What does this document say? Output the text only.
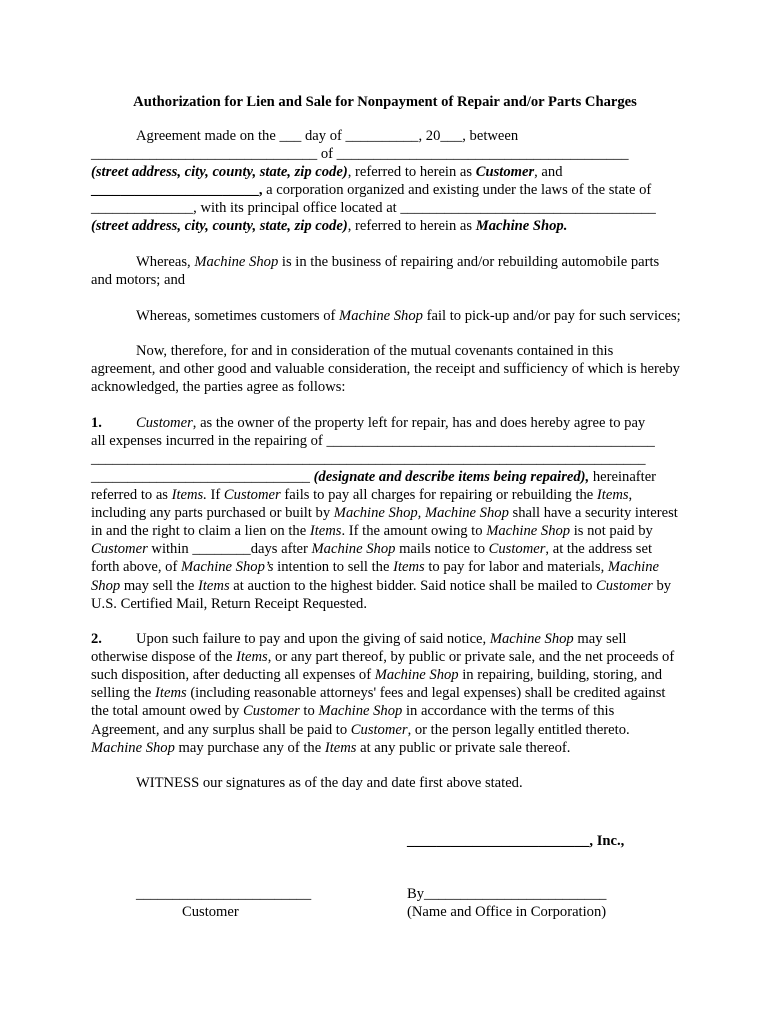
Authorization for Lien and Sale for Nonpayment of Repair and/or Parts Charges

Agreement made on the ___ day of __________, 20___, between

_______________________________ of ________________________________________

(street address, city, county, state, zip code), referred to herein as Customer, and

_______________________, a corporation organized and existing under the laws of the state of

______________, with its principal office located at ___________________________________

(street address, city, county, state, zip code), referred to herein as Machine Shop.

Whereas, Machine Shop is in the business of repairing and/or rebuilding automobile parts and motors; and

Whereas, sometimes customers of Machine Shop fail to pick-up and/or pay for such services;

Now, therefore, for and in consideration of the mutual covenants contained in this agreement, and other good and valuable consideration, the receipt and sufficiency of which is hereby acknowledged, the parties agree as follows:

1. Customer, as the owner of the property left for repair, has and does hereby agree to pay

all expenses incurred in the repairing of _____________________________________________

____________________________________________________________________________

______________________________ (designate and describe items being repaired), hereinafter

referred to as Items. If Customer fails to pay all charges for repairing or rebuilding the Items, including any parts purchased or built by Machine Shop, Machine Shop shall have a security interest in and the right to claim a lien on the Items. If the amount owing to Machine Shop is not paid by Customer within ________days after Machine Shop mails notice to Customer, at the address set forth above, of Machine Shop’s intention to sell the Items to pay for labor and materials, Machine Shop may sell the Items at auction to the highest bidder. Said notice shall be mailed to Customer by U.S. Certified Mail, Return Receipt Requested.

2. Upon such failure to pay and upon the giving of said notice, Machine Shop may sell otherwise dispose of the Items, or any part thereof, by public or private sale, and the net proceeds of such disposition, after deducting all expenses of Machine Shop in repairing, building, storing, and selling the Items (including reasonable attorneys' fees and legal expenses) shall be credited against the total amount owed by Customer to Machine Shop in accordance with the terms of this Agreement, and any surplus shall be paid to Customer, or the person legally entitled thereto. Machine Shop may purchase any of the Items at any public or private sale thereof.

WITNESS our signatures as of the day and date first above stated.

_________________________, Inc.,
________________________
Customer
By_________________________
(Name and Office in Corporation)
